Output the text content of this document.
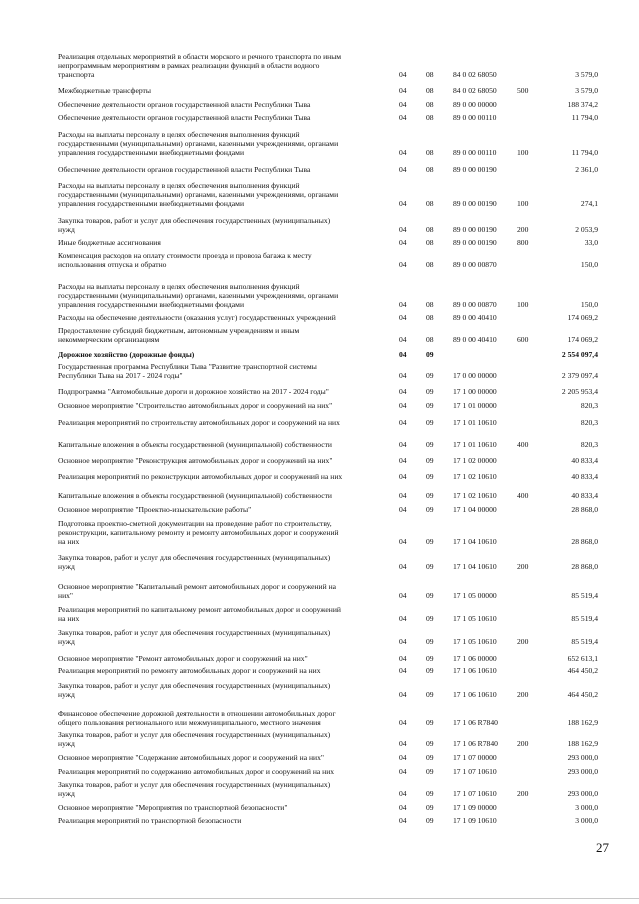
Реализация отдельных мероприятий в области морского и речного транспорта по иным
непрограммным мероприятиям в рамках реализации функций в области водного
транспорта	04	08	84 0 02 68050	3 579,0
Межбюджетные трансферты	04	08	84 0 02 68050	500	3 579,0
Обеспечение деятельности органов государственной власти Республики Тыва	04	08	89 0 00 00000	188 374,2
Обеспечение деятельности органов государственной власти Республики Тыва	04	08	89 0 00 00110	11 794,0
Расходы на выплаты персоналу в целях обеспечения выполнения функций
государственными (муниципальными) органами, казенными учреждениями, органами
управления государственными внебюджетными фондами	04	08	89 0 00 00110	100	11 794,0
Обеспечение деятельности органов государственной власти Республики Тыва	04	08	89 0 00 00190	2 361,0
Расходы на выплаты персоналу в целях обеспечения выполнения функций
государственными (муниципальными) органами, казенными учреждениями, органами
управления государственными внебюджетными фондами	04	08	89 0 00 00190	100	274,1
Закупка товаров, работ и услуг для обеспечения государственных (муниципальных)
нужд	04	08	89 0 00 00190	200	2 053,9
Иные бюджетные ассигнования	04	08	89 0 00 00190	800	33,0
Компенсация расходов на оплату стоимости проезда и провоза багажа к месту
использования отпуска и обратно	04	08	89 0 00 00870	150,0
Расходы на выплаты персоналу в целях обеспечения выполнения функций
государственными (муниципальными) органами, казенными учреждениями, органами
управления государственными внебюджетными фондами	04	08	89 0 00 00870	100	150,0
Расходы на обеспечение деятельности (оказания услуг) государственных учреждений	04	08	89 0 00 40410	174 069,2
Предоставление субсидий бюджетным, автономным учреждениям и иным
некоммерческим организациям	04	08	89 0 00 40410	600	174 069,2
Дорожное хозяйство (дорожные фонды)	04	09	2 554 097,4
Государственная программа Республики Тыва "Развитие транспортной системы
Республики Тыва на 2017 - 2024 годы"	04	09	17 0 00 00000	2 379 097,4
Подпрограмма "Автомобильные дороги и дорожное хозяйство на 2017 - 2024 годы"	04	09	17 1 00 00000	2 205 953,4
Основное мероприятие "Строительство автомобильных дорог и сооружений на них"	04	09	17 1 01 00000	820,3
Реализация мероприятий по строительству автомобильных дорог и сооружений на них	04	09	17 1 01 10610	820,3
Капитальные вложения в объекты государственной (муниципальной) собственности	04	09	17 1 01 10610	400	820,3
Основное мероприятие "Реконструкция автомобильных дорог и сооружений на них"	04	09	17 1 02 00000	40 833,4
Реализация мероприятий по реконструкции автомобильных дорог и сооружений на них	04	09	17 1 02 10610	40 833,4
Капитальные вложения в объекты государственной (муниципальной) собственности	04	09	17 1 02 10610	400	40 833,4
Основное мероприятие "Проектно-изыскательские работы"	04	09	17 1 04 00000	28 868,0
Подготовка проектно-сметной документации на проведение работ по строительству,
реконструкции, капитальному ремонту и ремонту автомобильных дорог и сооружений
на них	04	09	17 1 04 10610	28 868,0
Закупка товаров, работ и услуг для обеспечения государственных (муниципальных)
нужд	04	09	17 1 04 10610	200	28 868,0
Основное мероприятие "Капитальный ремонт автомобильных дорог и сооружений на
них"	04	09	17 1 05 00000	85 519,4
Реализация мероприятий по капитальному ремонт автомобильных дорог и сооружений
на них	04	09	17 1 05 10610	85 519,4
Закупка товаров, работ и услуг для обеспечения государственных (муниципальных)
нужд	04	09	17 1 05 10610	200	85 519,4
Основное мероприятие "Ремонт автомобильных дорог и сооружений на них"	04	09	17 1 06 00000	652 613,1
Реализация мероприятий по ремонту автомобильных дорог и сооружений на них	04	09	17 1 06 10610	464 450,2
Закупка товаров, работ и услуг для обеспечения государственных (муниципальных)
нужд	04	09	17 1 06 10610	200	464 450,2
Финансовое обеспечение дорожной деятельности в отношении автомобильных дорог
общего пользования регионального или межмуниципального, местного значения	04	09	17 1 06 R7840	188 162,9
Закупка товаров, работ и услуг для обеспечения государственных (муниципальных)
нужд	04	09	17 1 06 R7840	200	188 162,9
Основное мероприятие "Содержание автомобильных дорог и сооружений на них"	04	09	17 1 07 00000	293 000,0
Реализация мероприятий по содержанию автомобильных дорог и сооружений на них	04	09	17 1 07 10610	293 000,0
Закупка товаров, работ и услуг для обеспечения государственных (муниципальных)
нужд	04	09	17 1 07 10610	200	293 000,0
Основное мероприятие "Мероприятия по транспортной безопасности"	04	09	17 1 09 00000	3 000,0
Реализация мероприятий по транспортной безопасности	04	09	17 1 09 10610	3 000,0
27
